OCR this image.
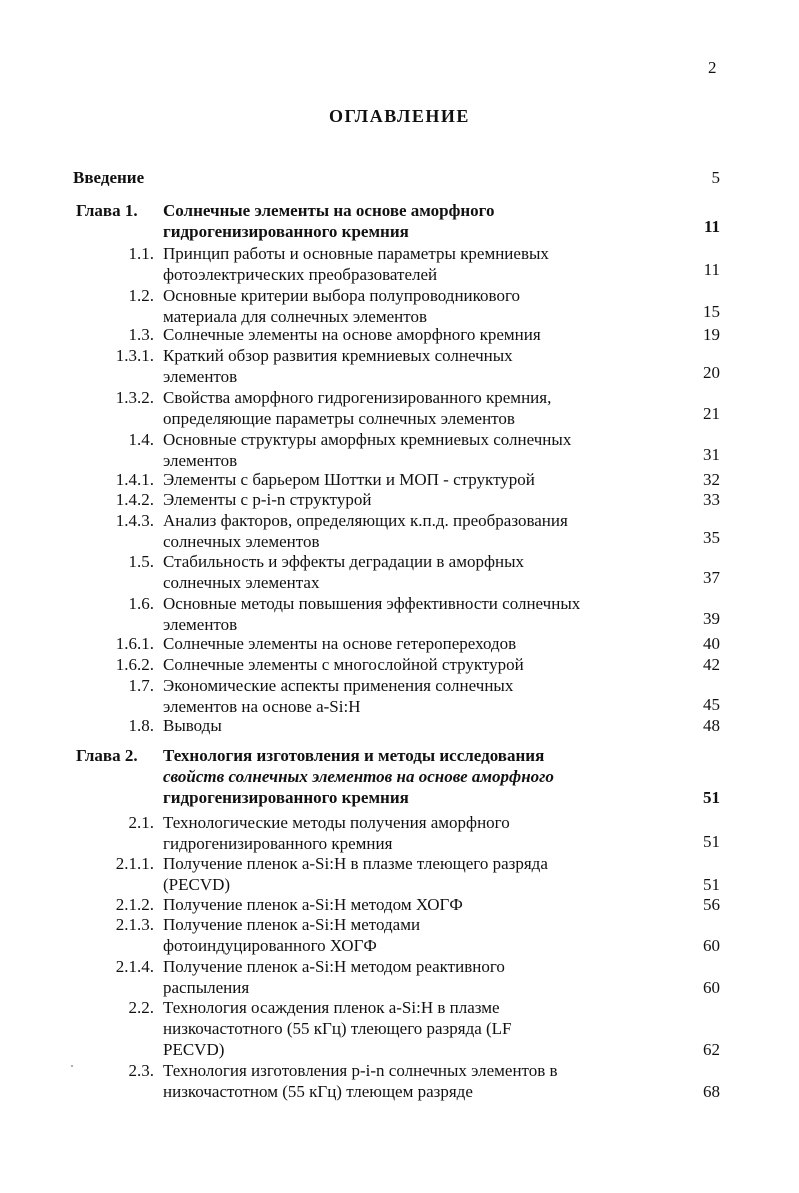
2
ОГЛАВЛЕНИЕ
Введение	5
Глава 1. Солнечные элементы на основе аморфного
гидрогенизированного кремния	11
1.1. Принцип работы и основные параметры кремниевых
фотоэлектрических преобразователей	11
1.2. Основные критерии выбора полупроводникового
материала для солнечных элементов	15
1.3. Солнечные элементы на основе аморфного кремния	19
1.3.1. Краткий обзор развития кремниевых солнечных
элементов	20
1.3.2. Свойства аморфного гидрогенизированного кремния,
определяющие параметры солнечных элементов	21
1.4. Основные структуры аморфных кремниевых солнечных
элементов	31
1.4.1. Элементы с барьером Шоттки и МОП - структурой	32
1.4.2. Элементы с p-i-n структурой	33
1.4.3. Анализ факторов, определяющих к.п.д. преобразования
солнечных элементов	35
1.5. Стабильность и эффекты деградации в аморфных
солнечных элементах	37
1.6. Основные методы повышения эффективности солнечных
элементов	39
1.6.1. Солнечные элементы на основе гетеропереходов	40
1.6.2. Солнечные элементы с многослойной структурой	42
1.7. Экономические аспекты применения солнечных
элементов на основе a-Si:H	45
1.8. Выводы	48
Глава 2. Технология изготовления и методы исследования
свойств солнечных элементов на основе аморфного
гидрогенизированного кремния	51
2.1. Технологические методы получения аморфного
гидрогенизированного кремния	51
2.1.1. Получение пленок a-Si:H в плазме тлеющего разряда
(PECVD)	51
2.1.2. Получение пленок a-Si:H методом ХОГФ	56
2.1.3. Получение пленок a-Si:H методами
фотоиндуцированного ХОГФ	60
2.1.4. Получение пленок a-Si:H методом реактивного
распыления	60
2.2. Технология осаждения пленок a-Si:H в плазме
низкочастотного (55 кГц) тлеющего разряда (LF
PECVD)	62
2.3. Технология изготовления p-i-n солнечных элементов в
низкочастотном (55 кГц) тлеющем разряде	68
